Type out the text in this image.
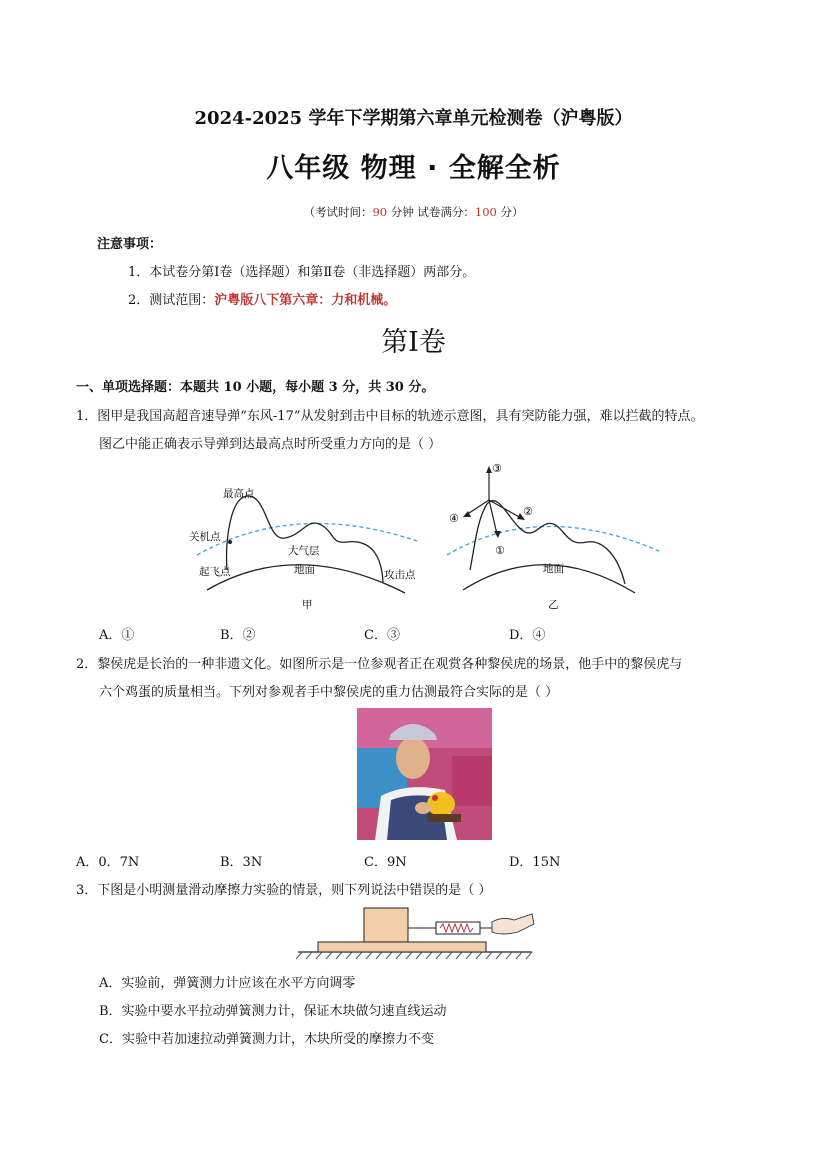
2024-2025 学年下学期第六章单元检测卷（沪粤版）
八年级 物理 · 全解全析
（考试时间：90 分钟 试卷满分：100 分）
注意事项：
1．本试卷分第Ⅰ卷（选择题）和第Ⅱ卷（非选择题）两部分。
2．测试范围：沪粤版八下第六章：力和机械。
第Ⅰ卷
一、单项选择题：本题共 10 小题，每小题 3 分，共 30 分。
1．图甲是我国高超音速导弹“东风-17”从发射到击中目标的轨迹示意图，具有突防能力强，难以拦截的特点。
图乙中能正确表示导弹到达最高点时所受重力方向的是（ ）
最高点
关机点
起飞点
大气层
地面	攻击点
甲
③
④
②
①
地面
乙
A．①	B．②	C．③	D．④
2．黎侯虎是长治的一种非遗文化。如图所示是一位参观者正在观赏各种黎侯虎的场景，他手中的黎侯虎与
六个鸡蛋的质量相当。下列对参观者手中黎侯虎的重力估测最符合实际的是（ ）
A．0．7N	B．3N	C．9N	D．15N
3．下图是小明测量滑动摩擦力实验的情景，则下列说法中错误的是（ ）
A．实验前，弹簧测力计应该在水平方向调零
B．实验中要水平拉动弹簧测力计，保证木块做匀速直线运动
C．实验中若加速拉动弹簧测力计，木块所受的摩擦力不变
